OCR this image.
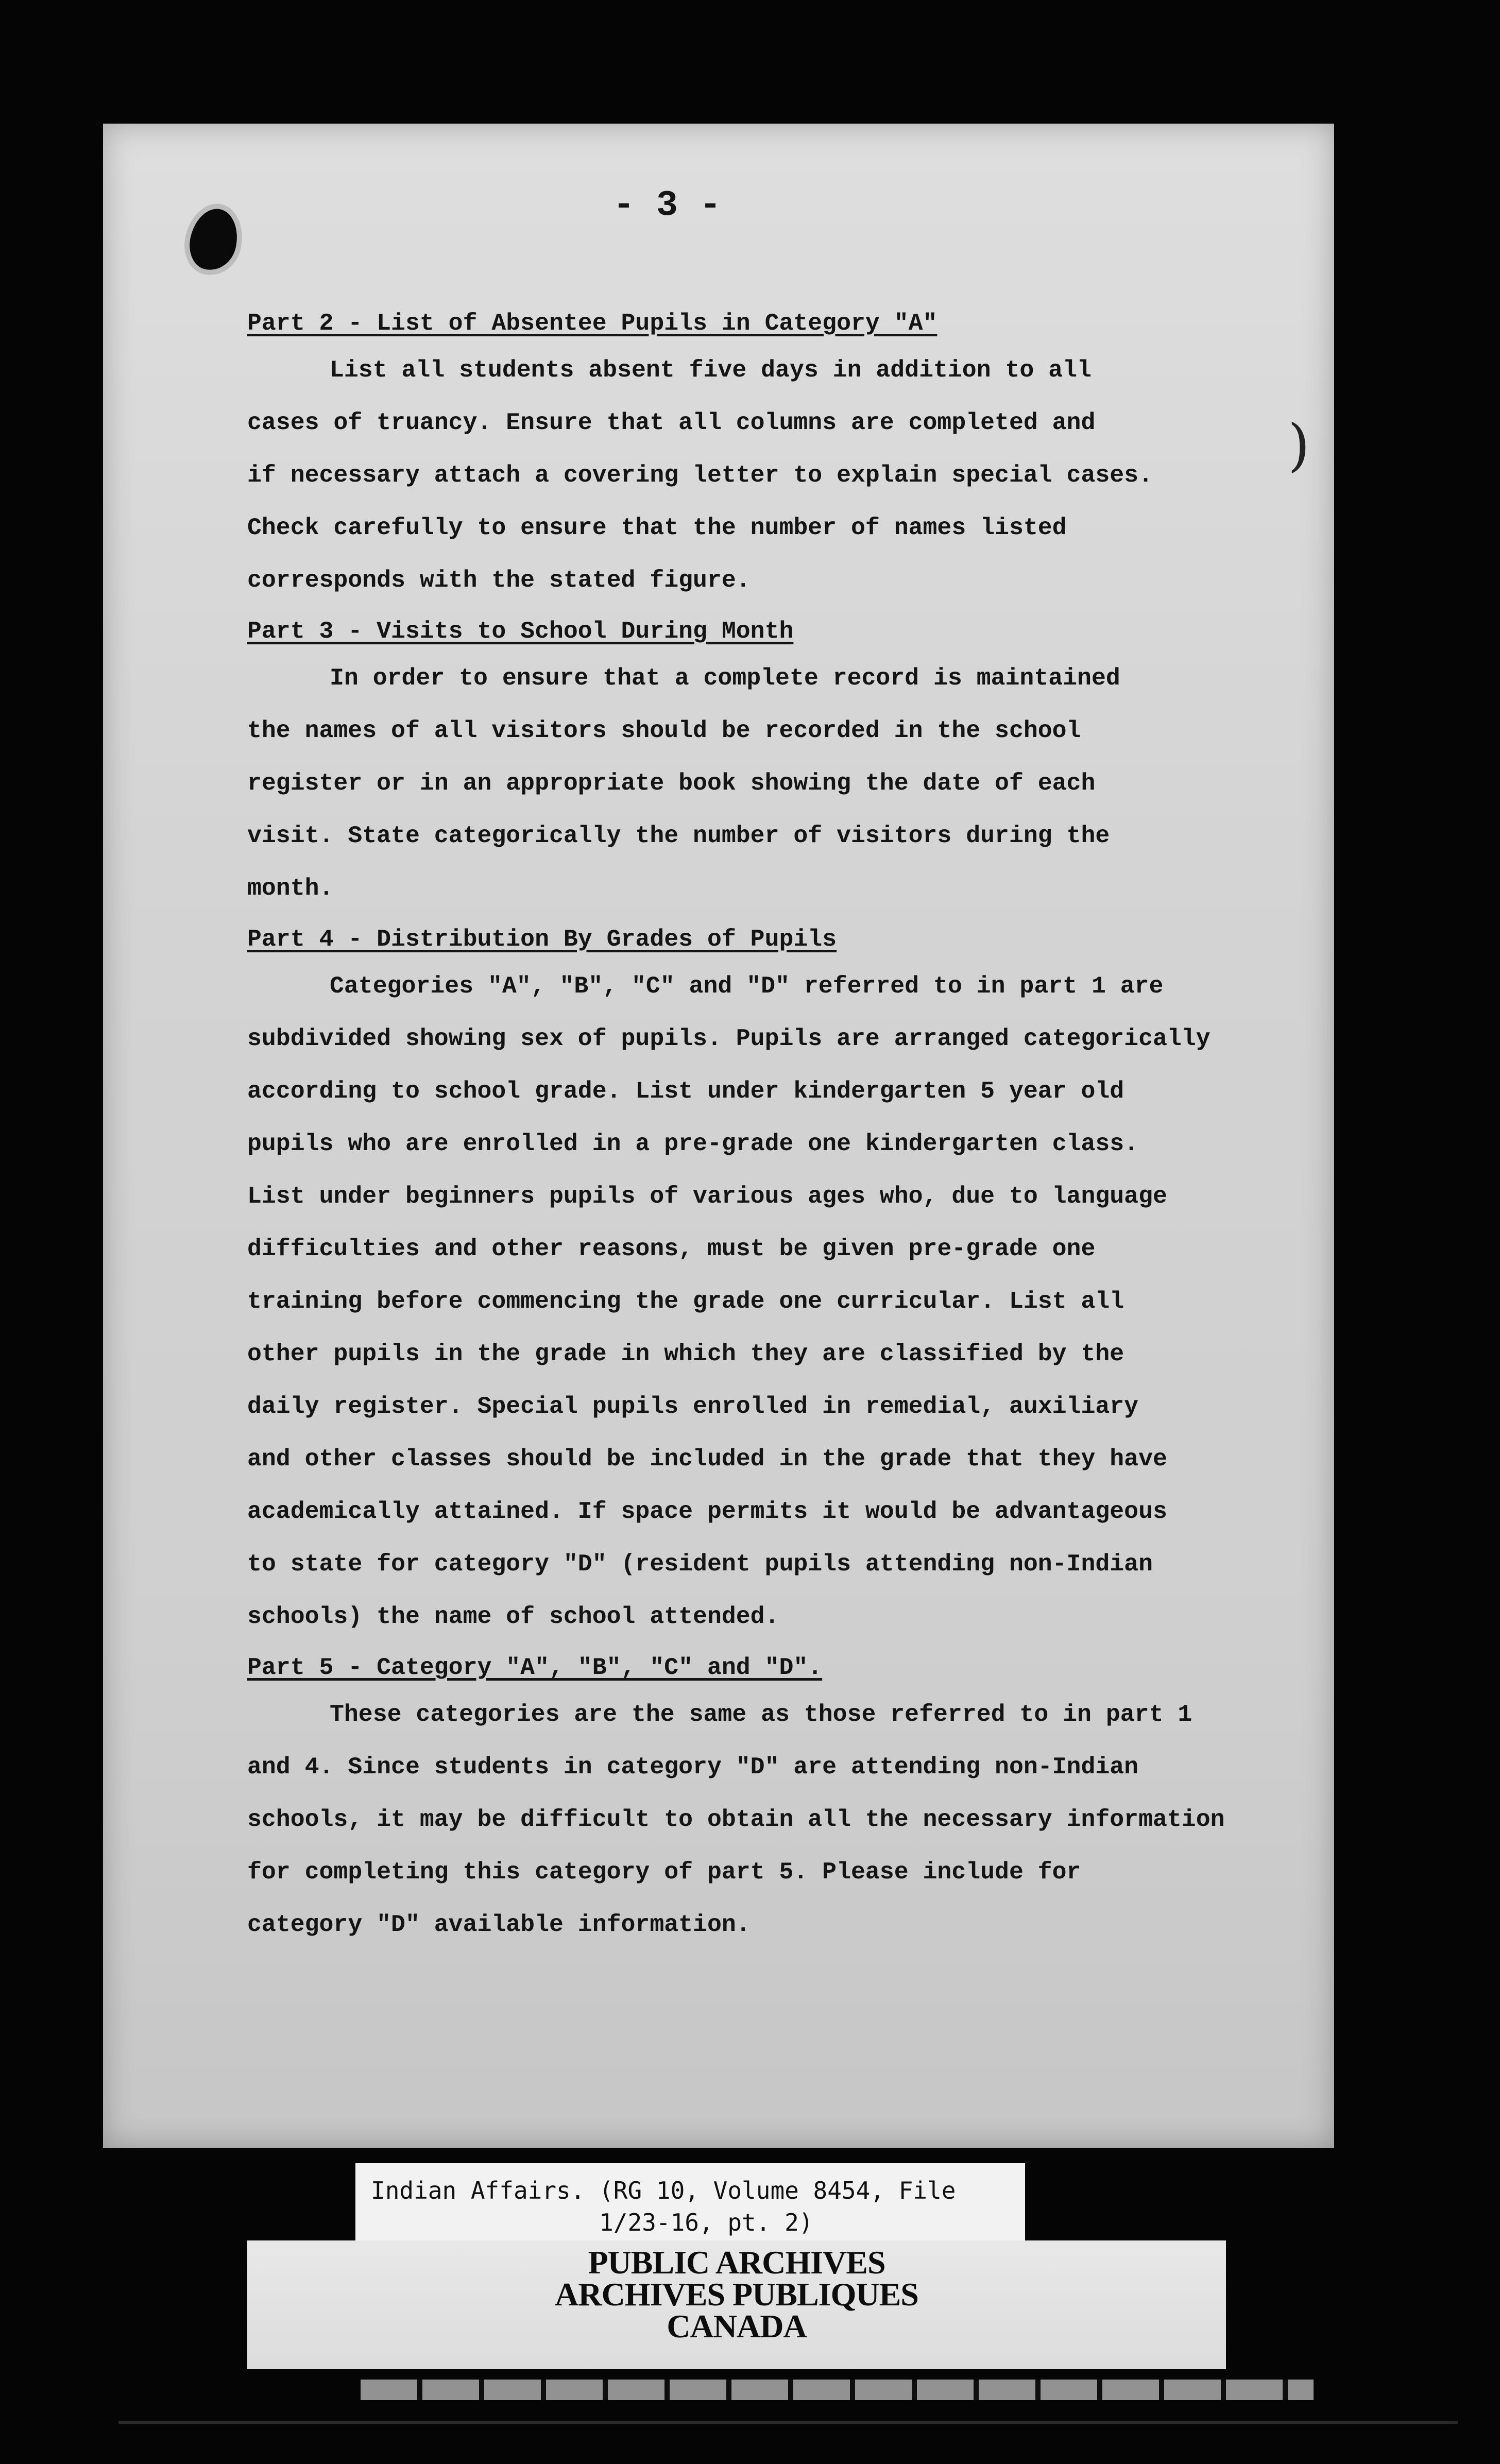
- 3 -
)
Part 2 - List of Absentee Pupils in Category "A"
List all students absent five days in addition to all
cases of truancy. Ensure that all columns are completed and
if necessary attach a covering letter to explain special cases.
Check carefully to ensure that the number of names listed
corresponds with the stated figure.
Part 3 - Visits to School During Month
In order to ensure that a complete record is maintained
the names of all visitors should be recorded in the school
register or in an appropriate book showing the date of each
visit. State categorically the number of visitors during the
month.
Part 4 - Distribution By Grades of Pupils
Categories "A", "B", "C" and "D" referred to in part 1 are
subdivided showing sex of pupils. Pupils are arranged categorically
according to school grade. List under kindergarten 5 year old
pupils who are enrolled in a pre-grade one kindergarten class.
List under beginners pupils of various ages who, due to language
difficulties and other reasons, must be given pre-grade one
training before commencing the grade one curricular. List all
other pupils in the grade in which they are classified by the
daily register. Special pupils enrolled in remedial, auxiliary
and other classes should be included in the grade that they have
academically attained. If space permits it would be advantageous
to state for category "D" (resident pupils attending non-Indian
schools) the name of school attended.
Part 5 - Category "A", "B", "C" and "D".
These categories are the same as those referred to in part 1
and 4. Since students in category "D" are attending non-Indian
schools, it may be difficult to obtain all the necessary information
for completing this category of part 5. Please include for
category "D" available information.
Indian Affairs. (RG 10, Volume 8454, File
1/23-16, pt. 2)
PUBLIC ARCHIVES
ARCHIVES PUBLIQUES
CANADA
